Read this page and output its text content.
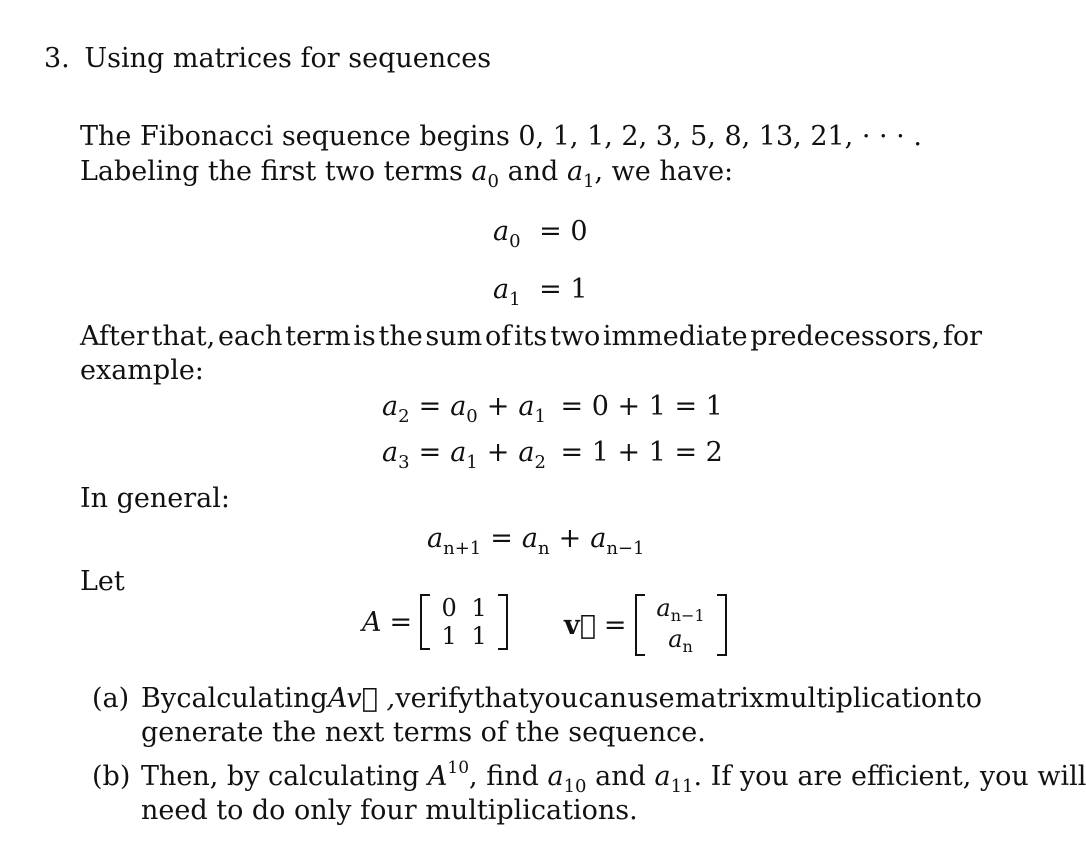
3. Using matrices for sequences
The Fibonacci sequence begins 0, 1, 1, 2, 3, 5, 8, 13, 21, · · · .
Labeling the first two terms $a_0$ and $a_1$, we have:
$a_0 = 0$
$a_1 = 1$
After that, each term is the sum of its two immediate predecessors, for
example:
$a_2 = a_0 + a_1 = 0 + 1 = 1$
$a_3 = a_1 + a_2 = 1 + 1 = 2$
In general:
$a_{n+1} = a_n + a_{n-1}$
Let
A =	0 1
1 1	v⃗ =
$a_{n-1}$
$a_n$
(a) By calculating Av⃗ , verify that you can use matrix multiplication to
generate the next terms of the sequence.
(b) Then, by calculating $A^{10}$, find $a_{10}$ and $a_{11}$. If you are efficient, you will
need to do only four multiplications.
